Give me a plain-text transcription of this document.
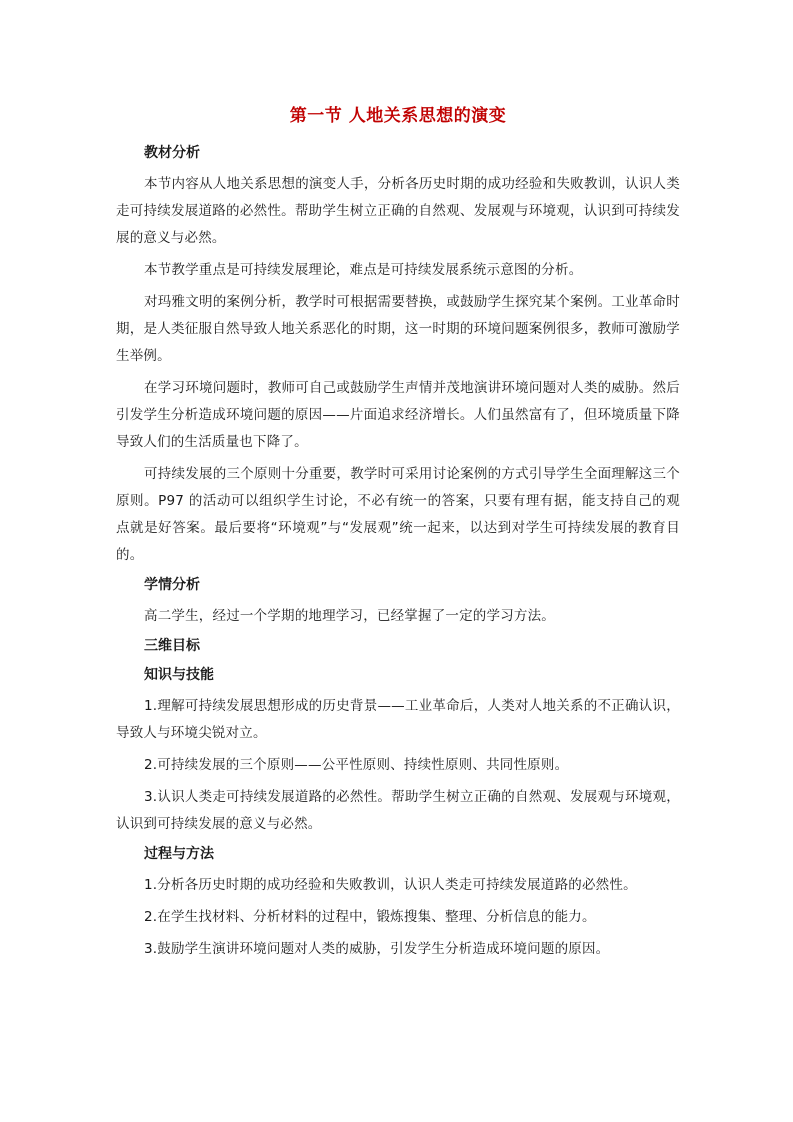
第一节 人地关系思想的演变
教材分析

本节内容从人地关系思想的演变人手，分析各历史时期的成功经验和失败教训，认识人类走可持续发展道路的必然性。帮助学生树立正确的自然观、发展观与环境观，认识到可持续发展的意义与必然。

本节教学重点是可持续发展理论，难点是可持续发展系统示意图的分析。

对玛雅文明的案例分析，教学时可根据需要替换，或鼓励学生探究某个案例。工业革命时期，是人类征服自然导致人地关系恶化的时期，这一时期的环境问题案例很多，教师可激励学生举例。

在学习环境问题时，教师可自己或鼓励学生声情并茂地演讲环境问题对人类的威胁。然后引发学生分析造成环境问题的原因——片面追求经济增长。人们虽然富有了，但环境质量下降导致人们的生活质量也下降了。

可持续发展的三个原则十分重要，教学时可采用讨论案例的方式引导学生全面理解这三个原则。P97 的活动可以组织学生讨论，不必有统一的答案，只要有理有据，能支持自己的观点就是好答案。最后要将“环境观”与“发展观”统一起来，以达到对学生可持续发展的教育目的。

学情分析

高二学生，经过一个学期的地理学习，已经掌握了一定的学习方法。

三维目标
知识与技能

1.理解可持续发展思想形成的历史背景——工业革命后，人类对人地关系的不正确认识，导致人与环境尖锐对立。

2.可持续发展的三个原则——公平性原则、持续性原则、共同性原则。

3.认识人类走可持续发展道路的必然性。帮助学生树立正确的自然观、发展观与环境观，认识到可持续发展的意义与必然。

过程与方法

1.分析各历史时期的成功经验和失败教训，认识人类走可持续发展道路的必然性。

2.在学生找材料、分析材料的过程中，锻炼搜集、整理、分析信息的能力。

3.鼓励学生演讲环境问题对人类的威胁，引发学生分析造成环境问题的原因。
